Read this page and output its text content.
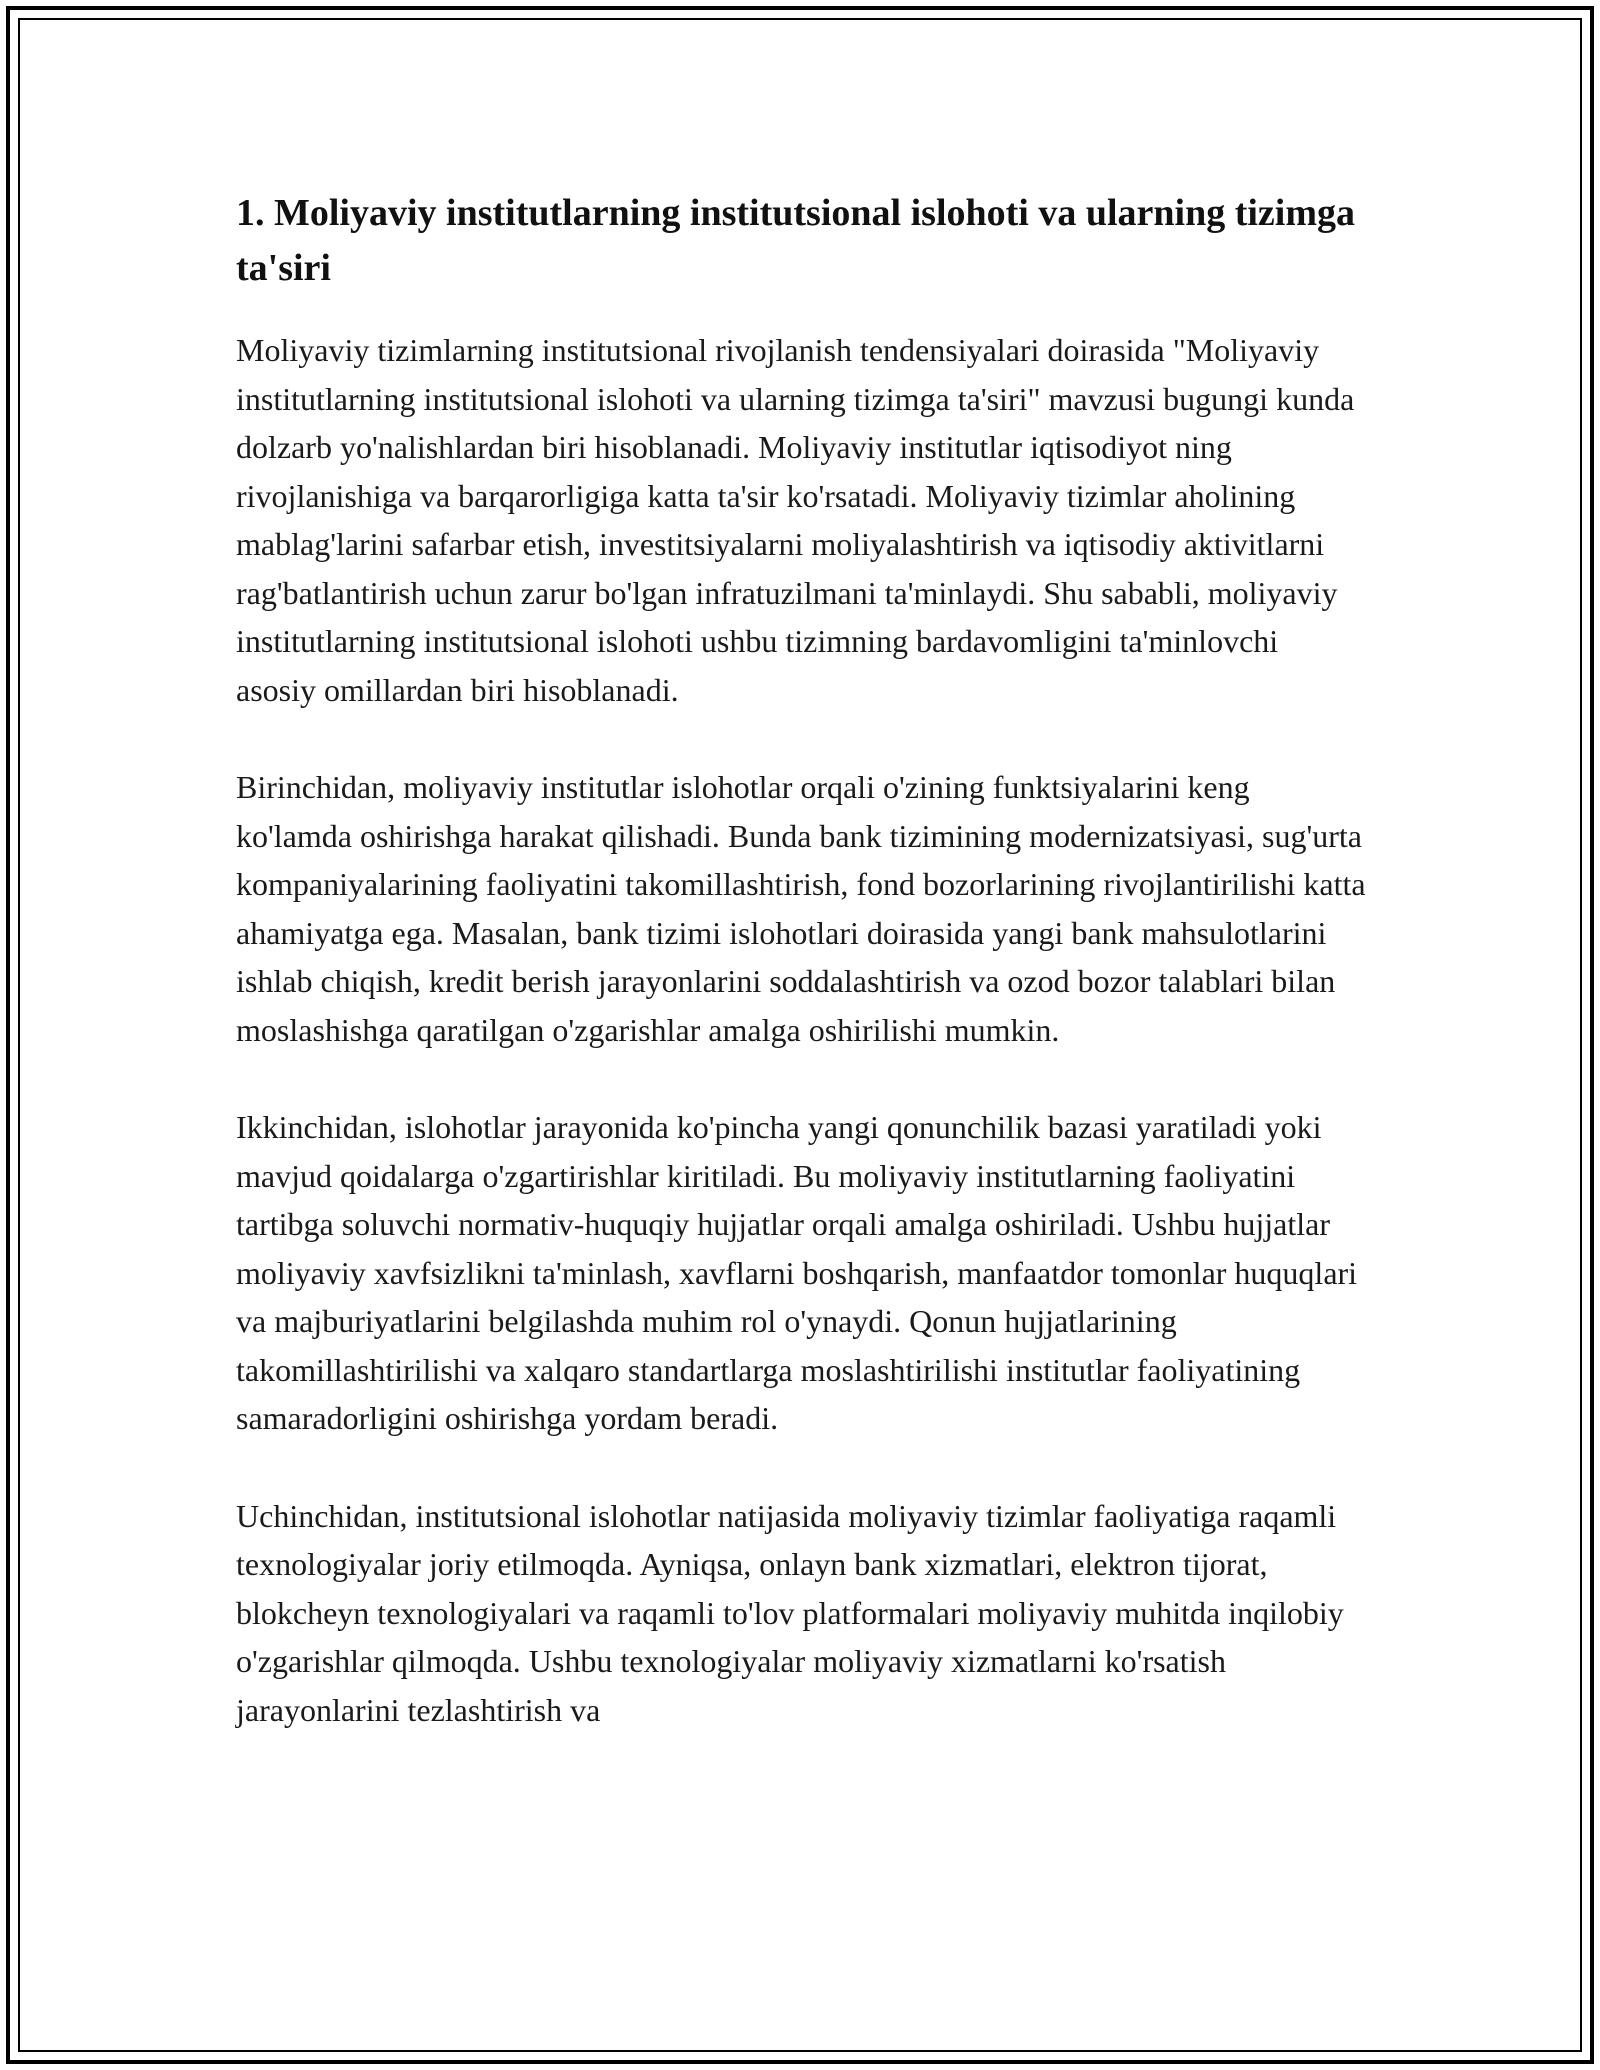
1. Moliyaviy institutlarning institutsional islohoti va ularning tizimga ta'siri

Moliyaviy tizimlarning institutsional rivojlanish tendensiyalari doirasida "Moliyaviy institutlarning institutsional islohoti va ularning tizimga ta'siri" mavzusi bugungi kunda dolzarb yo'nalishlardan biri hisoblanadi. Moliyaviy institutlar iqtisodiyot ning rivojlanishiga va barqarorligiga katta ta'sir ko'rsatadi. Moliyaviy tizimlar aholining mablag'larini safarbar etish, investitsiyalarni moliyalashtirish va iqtisodiy aktivitlarni rag'batlantirish uchun zarur bo'lgan infratuzilmani ta'minlaydi. Shu sababli, moliyaviy institutlarning institutsional islohoti ushbu tizimning bardavomligini ta'minlovchi asosiy omillardan biri hisoblanadi.

Birinchidan, moliyaviy institutlar islohotlar orqali o'zining funktsiyalarini keng ko'lamda oshirishga harakat qilishadi. Bunda bank tizimining modernizatsiyasi, sug'urta kompaniyalarining faoliyatini takomillashtirish, fond bozorlarining rivojlantirilishi katta ahamiyatga ega. Masalan, bank tizimi islohotlari doirasida yangi bank mahsulotlarini ishlab chiqish, kredit berish jarayonlarini soddalashtirish va ozod bozor talablari bilan moslashishga qaratilgan o'zgarishlar amalga oshirilishi mumkin.

Ikkinchidan, islohotlar jarayonida ko'pincha yangi qonunchilik bazasi yaratiladi yoki mavjud qoidalarga o'zgartirishlar kiritiladi. Bu moliyaviy institutlarning faoliyatini tartibga soluvchi normativ-huquqiy hujjatlar orqali amalga oshiriladi. Ushbu hujjatlar moliyaviy xavfsizlikni ta'minlash, xavflarni boshqarish, manfaatdor tomonlar huquqlari va majburiyatlarini belgilashda muhim rol o'ynaydi. Qonun hujjatlarining takomillashtirilishi va xalqaro standartlarga moslashtirilishi institutlar faoliyatining samaradorligini oshirishga yordam beradi.

Uchinchidan, institutsional islohotlar natijasida moliyaviy tizimlar faoliyatiga raqamli texnologiyalar joriy etilmoqda. Ayniqsa, onlayn bank xizmatlari, elektron tijorat, blokcheyn texnologiyalari va raqamli to'lov platformalari moliyaviy muhitda inqilobiy o'zgarishlar qilmoqda. Ushbu texnologiyalar moliyaviy xizmatlarni ko'rsatish jarayonlarini tezlashtirish va
